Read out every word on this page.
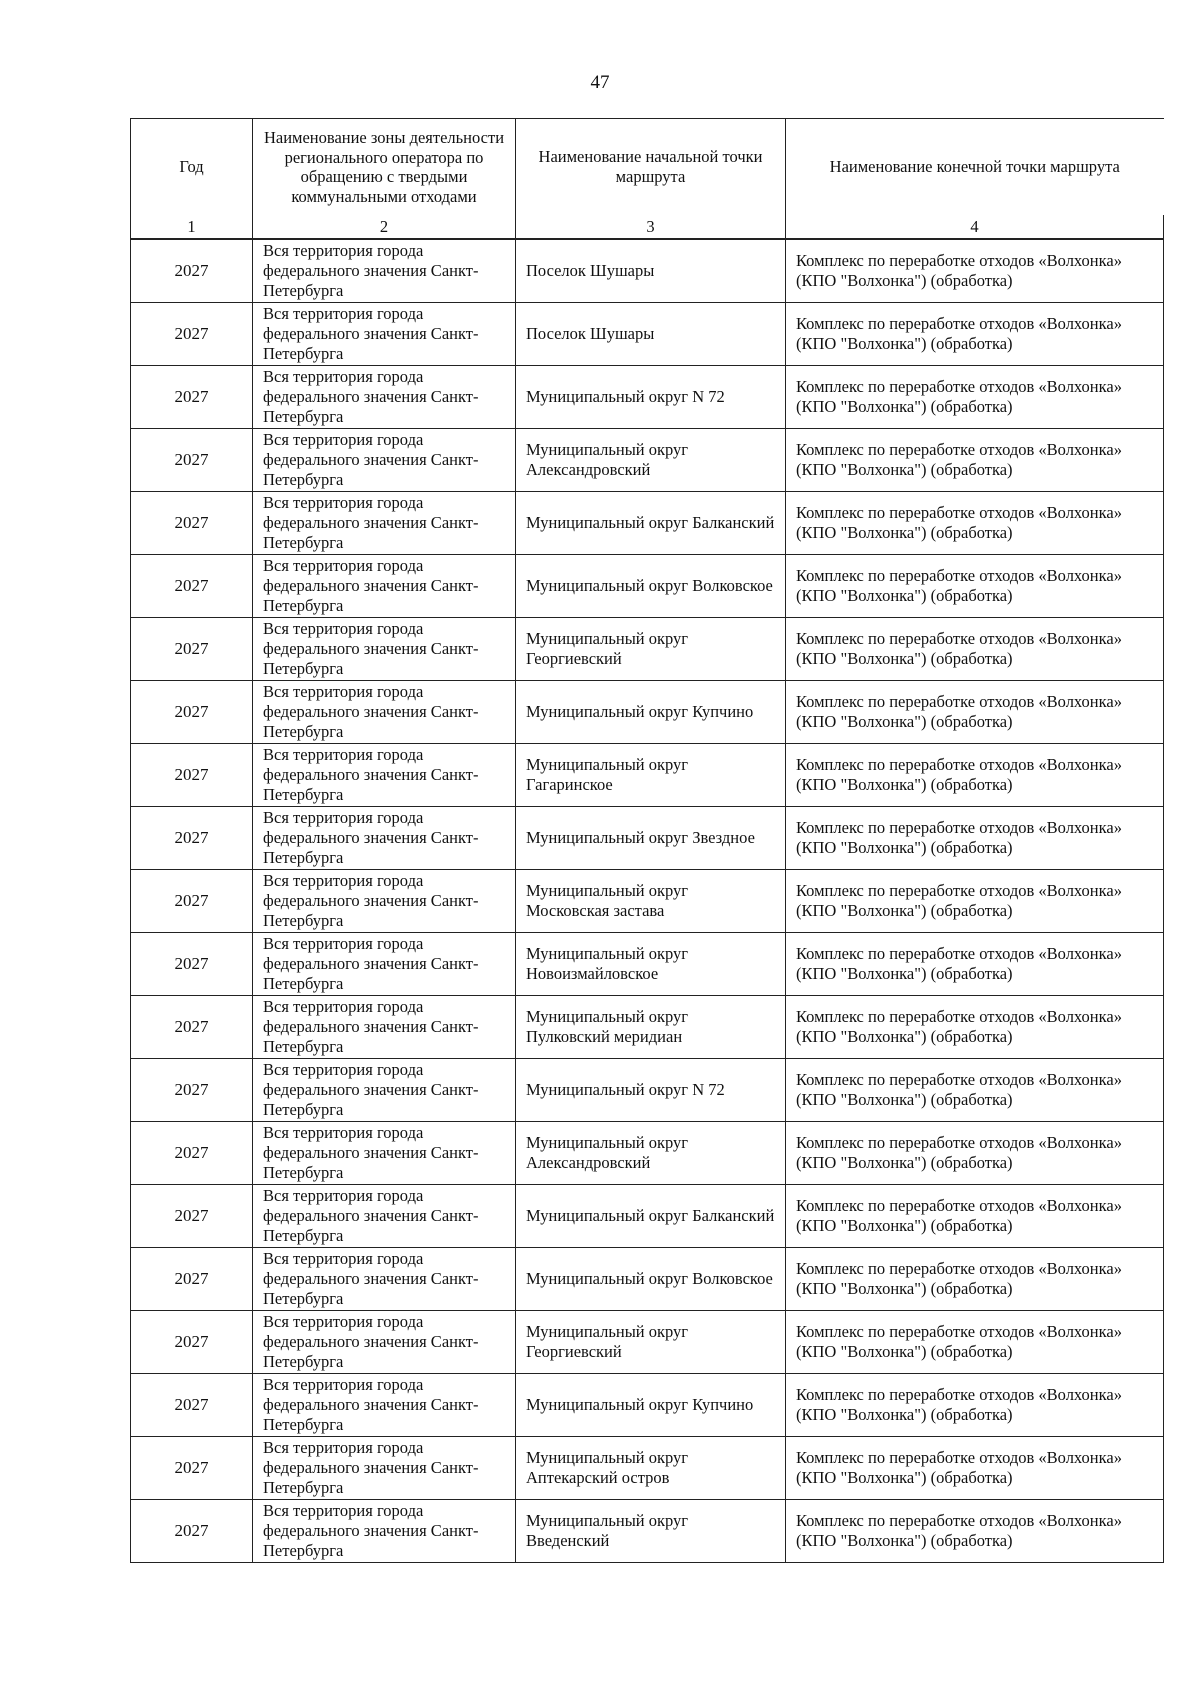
47
Год	Наименование зоны деятельности регионального оператора по обращению с твердыми коммунальными отходами	Наименование начальной точки маршрута	Наименование конечной точки маршрута
1	2	3	4
2027	Вся территория города федерального значения Санкт-Петербурга	Поселок Шушары	Комплекс по переработке отходов «Волхонка» (КПО "Волхонка") (обработка)
2027	Вся территория города федерального значения Санкт-Петербурга	Поселок Шушары	Комплекс по переработке отходов «Волхонка» (КПО "Волхонка") (обработка)
2027	Вся территория города федерального значения Санкт-Петербурга	Муниципальный округ N 72	Комплекс по переработке отходов «Волхонка» (КПО "Волхонка") (обработка)
2027	Вся территория города федерального значения Санкт-Петербурга	Муниципальный округ Александровский	Комплекс по переработке отходов «Волхонка» (КПО "Волхонка") (обработка)
2027	Вся территория города федерального значения Санкт-Петербурга	Муниципальный округ Балканский	Комплекс по переработке отходов «Волхонка» (КПО "Волхонка") (обработка)
2027	Вся территория города федерального значения Санкт-Петербурга	Муниципальный округ Волковское	Комплекс по переработке отходов «Волхонка» (КПО "Волхонка") (обработка)
2027	Вся территория города федерального значения Санкт-Петербурга	Муниципальный округ Георгиевский	Комплекс по переработке отходов «Волхонка» (КПО "Волхонка") (обработка)
2027	Вся территория города федерального значения Санкт-Петербурга	Муниципальный округ Купчино	Комплекс по переработке отходов «Волхонка» (КПО "Волхонка") (обработка)
2027	Вся территория города федерального значения Санкт-Петербурга	Муниципальный округ Гагаринское	Комплекс по переработке отходов «Волхонка» (КПО "Волхонка") (обработка)
2027	Вся территория города федерального значения Санкт-Петербурга	Муниципальный округ Звездное	Комплекс по переработке отходов «Волхонка» (КПО "Волхонка") (обработка)
2027	Вся территория города федерального значения Санкт-Петербурга	Муниципальный округ Московская застава	Комплекс по переработке отходов «Волхонка» (КПО "Волхонка") (обработка)
2027	Вся территория города федерального значения Санкт-Петербурга	Муниципальный округ Новоизмайловское	Комплекс по переработке отходов «Волхонка» (КПО "Волхонка") (обработка)
2027	Вся территория города федерального значения Санкт-Петербурга	Муниципальный округ Пулковский меридиан	Комплекс по переработке отходов «Волхонка» (КПО "Волхонка") (обработка)
2027	Вся территория города федерального значения Санкт-Петербурга	Муниципальный округ N 72	Комплекс по переработке отходов «Волхонка» (КПО "Волхонка") (обработка)
2027	Вся территория города федерального значения Санкт-Петербурга	Муниципальный округ Александровский	Комплекс по переработке отходов «Волхонка» (КПО "Волхонка") (обработка)
2027	Вся территория города федерального значения Санкт-Петербурга	Муниципальный округ Балканский	Комплекс по переработке отходов «Волхонка» (КПО "Волхонка") (обработка)
2027	Вся территория города федерального значения Санкт-Петербурга	Муниципальный округ Волковское	Комплекс по переработке отходов «Волхонка» (КПО "Волхонка") (обработка)
2027	Вся территория города федерального значения Санкт-Петербурга	Муниципальный округ Георгиевский	Комплекс по переработке отходов «Волхонка» (КПО "Волхонка") (обработка)
2027	Вся территория города федерального значения Санкт-Петербурга	Муниципальный округ Купчино	Комплекс по переработке отходов «Волхонка» (КПО "Волхонка") (обработка)
2027	Вся территория города федерального значения Санкт-Петербурга	Муниципальный округ Аптекарский остров	Комплекс по переработке отходов «Волхонка» (КПО "Волхонка") (обработка)
2027	Вся территория города федерального значения Санкт-Петербурга	Муниципальный округ Введенский	Комплекс по переработке отходов «Волхонка» (КПО "Волхонка") (обработка)
